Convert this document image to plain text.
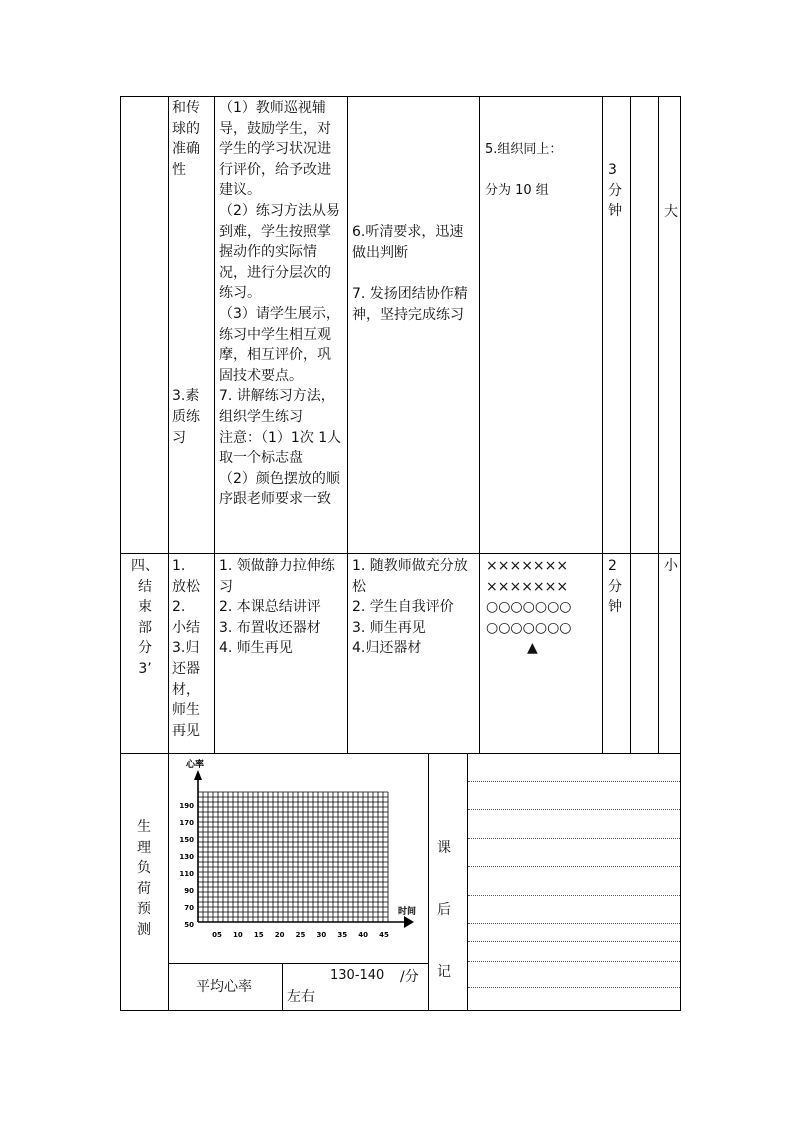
和传
球的
准确
性

3.素
质练
习
（1）教师巡视辅导，鼓励学生，对学生的学习状况进行评价，给予改进建议。
（2）练习方法从易到难，学生按照掌握动作的实际情况，进行分层次的练习。
（3）请学生展示，练习中学生相互观摩，相互评价，巩固技术要点。
7. 讲解练习方法，组织学生练习
注意：（1）1次 1人取一个标志盘
（2）颜色摆放的顺序跟老师要求一致
6.听清要求，迅速做出判断
7. 发扬团结协作精神，坚持完成练习
5.组织同上：
分为 10 组
3
分
钟	大
四、
结
束
部
分
3’
1.
放松
2.
小结
3.归
还器
材，
师生
再见
1. 领做静力拉伸练习
2. 本课总结讲评
3. 布置收还器材
4. 师生再见
1. 随教师做充分放松
2. 学生自我评价
3. 师生再见
4.归还器材
×××××××
×××××××
○○○○○○○
○○○○○○○
▲
2
分
钟
小
生
理
负
荷
预
测
心率
时间
190
170
150
130
110
90
70
50
05 10 15 20 25 30 35 40 45
平均心率
130-140	/分
左右
课
后
记
